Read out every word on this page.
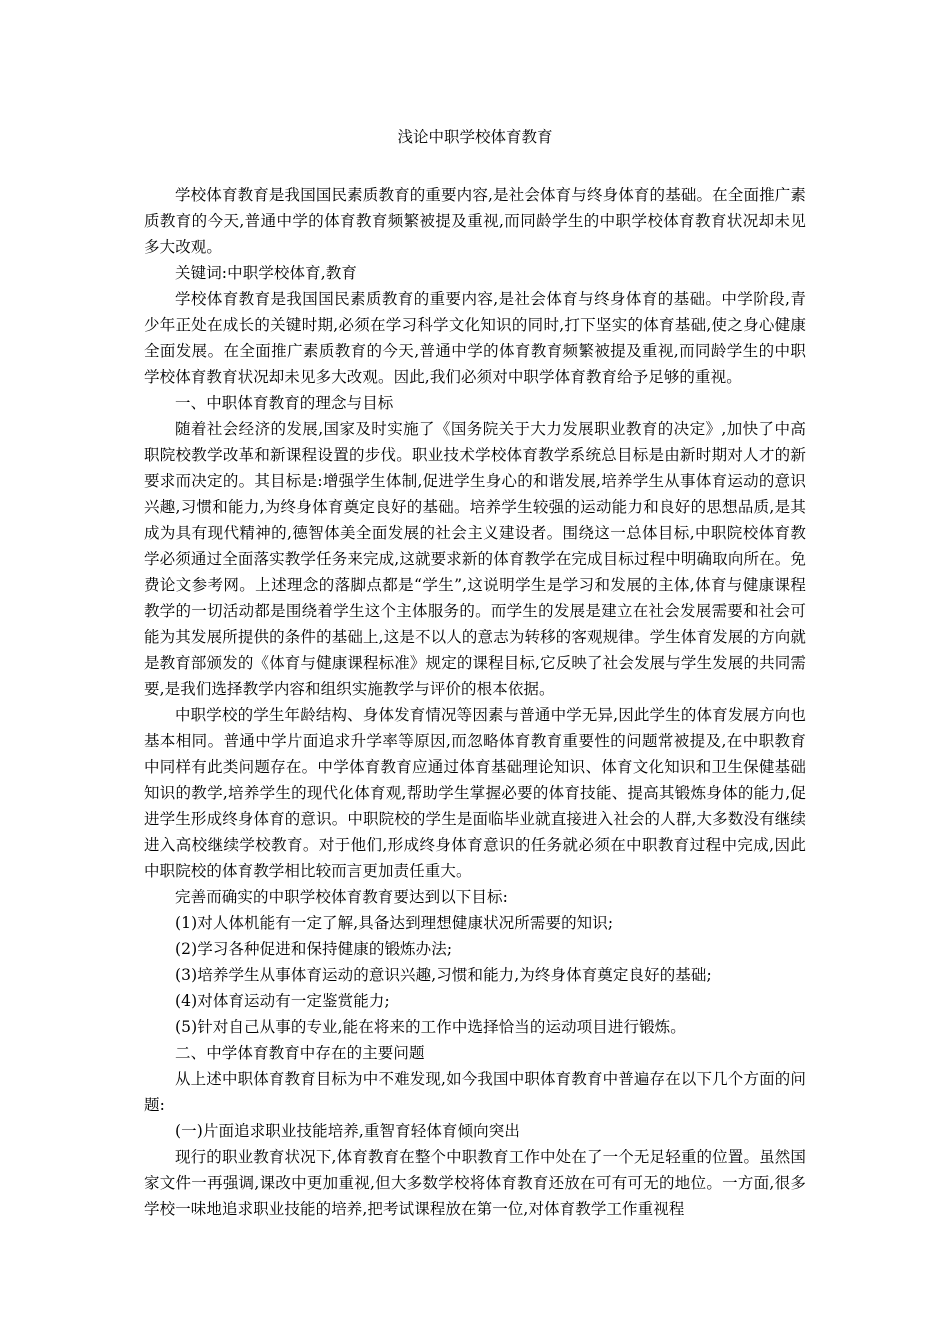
浅论中职学校体育教育

学校体育教育是我国国民素质教育的重要内容,是社会体育与终身体育的基础。在全面推广素质教育的今天,普通中学的体育教育频繁被提及重视,而同龄学生的中职学校体育教育状况却未见多大改观。

关键词:中职学校体育,教育

学校体育教育是我国国民素质教育的重要内容,是社会体育与终身体育的基础。中学阶段,青少年正处在成长的关键时期,必须在学习科学文化知识的同时,打下坚实的体育基础,使之身心健康全面发展。在全面推广素质教育的今天,普通中学的体育教育频繁被提及重视,而同龄学生的中职学校体育教育状况却未见多大改观。因此,我们必须对中职学体育教育给予足够的重视。

一、中职体育教育的理念与目标

随着社会经济的发展,国家及时实施了《国务院关于大力发展职业教育的决定》,加快了中高职院校教学改革和新课程设置的步伐。职业技术学校体育教学系统总目标是由新时期对人才的新要求而决定的。其目标是:增强学生体制,促进学生身心的和谐发展,培养学生从事体育运动的意识兴趣,习惯和能力,为终身体育奠定良好的基础。培养学生较强的运动能力和良好的思想品质,是其成为具有现代精神的,德智体美全面发展的社会主义建设者。围绕这一总体目标,中职院校体育教学必须通过全面落实教学任务来完成,这就要求新的体育教学在完成目标过程中明确取向所在。免费论文参考网。上述理念的落脚点都是“学生”,这说明学生是学习和发展的主体,体育与健康课程教学的一切活动都是围绕着学生这个主体服务的。而学生的发展是建立在社会发展需要和社会可能为其发展所提供的条件的基础上,这是不以人的意志为转移的客观规律。学生体育发展的方向就是教育部颁发的《体育与健康课程标准》规定的课程目标,它反映了社会发展与学生发展的共同需要,是我们选择教学内容和组织实施教学与评价的根本依据。

中职学校的学生年龄结构、身体发育情况等因素与普通中学无异,因此学生的体育发展方向也基本相同。普通中学片面追求升学率等原因,而忽略体育教育重要性的问题常被提及,在中职教育中同样有此类问题存在。中学体育教育应通过体育基础理论知识、体育文化知识和卫生保健基础知识的教学,培养学生的现代化体育观,帮助学生掌握必要的体育技能、提高其锻炼身体的能力,促进学生形成终身体育的意识。中职院校的学生是面临毕业就直接进入社会的人群,大多数没有继续进入高校继续学校教育。对于他们,形成终身体育意识的任务就必须在中职教育过程中完成,因此中职院校的体育教学相比较而言更加责任重大。

完善而确实的中职学校体育教育要达到以下目标:

(1)对人体机能有一定了解,具备达到理想健康状况所需要的知识;

(2)学习各种促进和保持健康的锻炼办法;

(3)培养学生从事体育运动的意识兴趣,习惯和能力,为终身体育奠定良好的基础;

(4)对体育运动有一定鉴赏能力;

(5)针对自己从事的专业,能在将来的工作中选择恰当的运动项目进行锻炼。

二、中学体育教育中存在的主要问题

从上述中职体育教育目标为中不难发现,如今我国中职体育教育中普遍存在以下几个方面的问题:

(一)片面追求职业技能培养,重智育轻体育倾向突出

现行的职业教育状况下,体育教育在整个中职教育工作中处在了一个无足轻重的位置。虽然国家文件一再强调,课改中更加重视,但大多数学校将体育教育还放在可有可无的地位。一方面,很多学校一味地追求职业技能的培养,把考试课程放在第一位,对体育教学工作重视程
